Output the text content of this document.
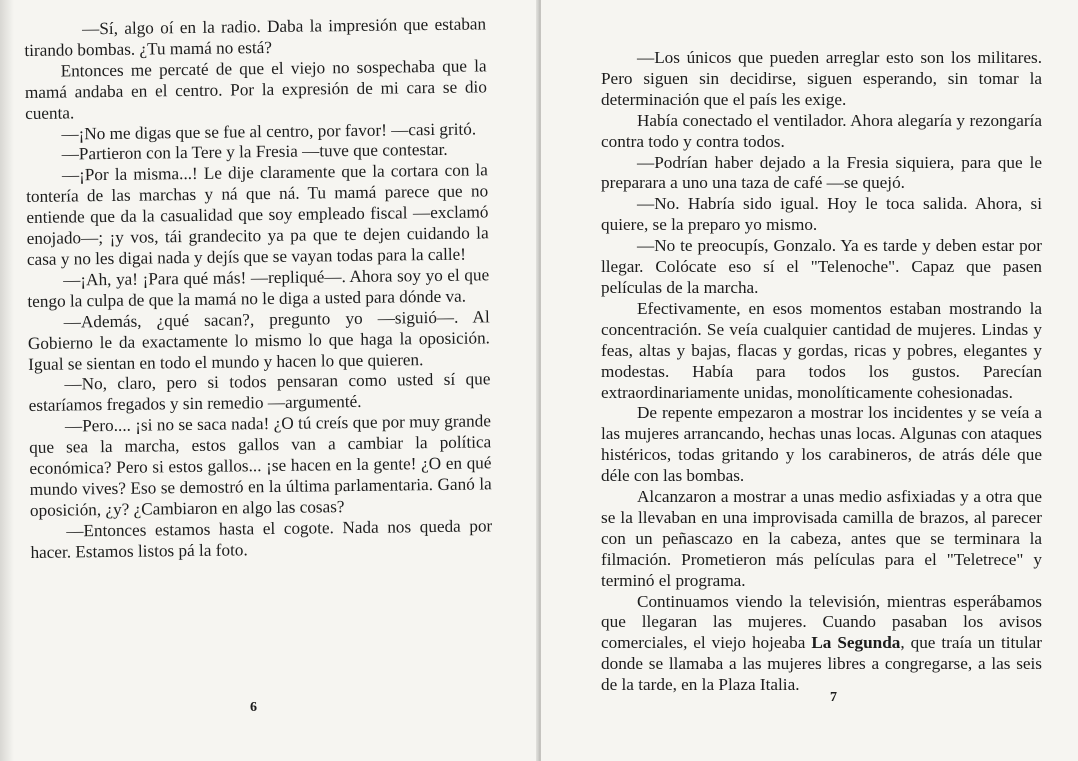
—Sí, algo oí en la radio. Daba la impresión que estaban tirando bombas. ¿Tu mamá no está?

Entonces me percaté de que el viejo no sospechaba que la mamá andaba en el centro. Por la expresión de mi cara se dio cuenta.

—¡No me digas que se fue al centro, por favor! —casi gritó.

—Partieron con la Tere y la Fresia —tuve que contestar.

—¡Por la misma...! Le dije claramente que la cortara con la tontería de las marchas y ná que ná. Tu mamá parece que no entiende que da la casualidad que soy empleado fiscal —exclamó enojado—; ¡y vos, tái grandecito ya pa que te dejen cuidando la casa y no les digai nada y dejís que se vayan todas para la calle!

—¡Ah, ya! ¡Para qué más! —repliqué—. Ahora soy yo el que tengo la culpa de que la mamá no le diga a usted para dónde va.

—Además, ¿qué sacan?, pregunto yo —siguió—. Al Gobierno le da exactamente lo mismo lo que haga la oposición. Igual se sientan en todo el mundo y hacen lo que quieren.

—No, claro, pero si todos pensaran como usted sí que estaríamos fregados y sin remedio —argumenté.

—Pero.... ¡si no se saca nada! ¿O tú creís que por muy grande que sea la marcha, estos gallos van a cambiar la política económica? Pero si estos gallos... ¡se hacen en la gente! ¿O en qué mundo vives? Eso se demostró en la última parlamentaria. Ganó la oposición, ¿y? ¿Cambiaron en algo las cosas?

—Entonces estamos hasta el cogote. Nada nos queda por hacer. Estamos listos pá la foto.

6

—Los únicos que pueden arreglar esto son los militares. Pero siguen sin decidirse, siguen esperando, sin tomar la determinación que el país les exige.

Había conectado el ventilador. Ahora alegaría y rezongaría contra todo y contra todos.

—Podrían haber dejado a la Fresia siquiera, para que le preparara a uno una taza de café —se quejó.

—No. Habría sido igual. Hoy le toca salida. Ahora, si quiere, se la preparo yo mismo.

—No te preocupís, Gonzalo. Ya es tarde y deben estar por llegar. Colócate eso sí el "Telenoche". Capaz que pasen películas de la marcha.

Efectivamente, en esos momentos estaban mostrando la concentración. Se veía cualquier cantidad de mujeres. Lindas y feas, altas y bajas, flacas y gordas, ricas y pobres, elegantes y modestas. Había para todos los gustos. Parecían extraordinariamente unidas, monolíticamente cohesionadas.

De repente empezaron a mostrar los incidentes y se veía a las mujeres arrancando, hechas unas locas. Algunas con ataques histéricos, todas gritando y los carabineros, de atrás déle que déle con las bombas.

Alcanzaron a mostrar a unas medio asfixiadas y a otra que se la llevaban en una improvisada camilla de brazos, al parecer con un peñascazo en la cabeza, antes que se terminara la filmación. Prometieron más películas para el "Teletrece" y terminó el programa.

Continuamos viendo la televisión, mientras esperábamos que llegaran las mujeres. Cuando pasaban los avisos comerciales, el viejo hojeaba La Segunda, que traía un titular donde se llamaba a las mujeres libres a congregarse, a las seis de la tarde, en la Plaza Italia.

7
